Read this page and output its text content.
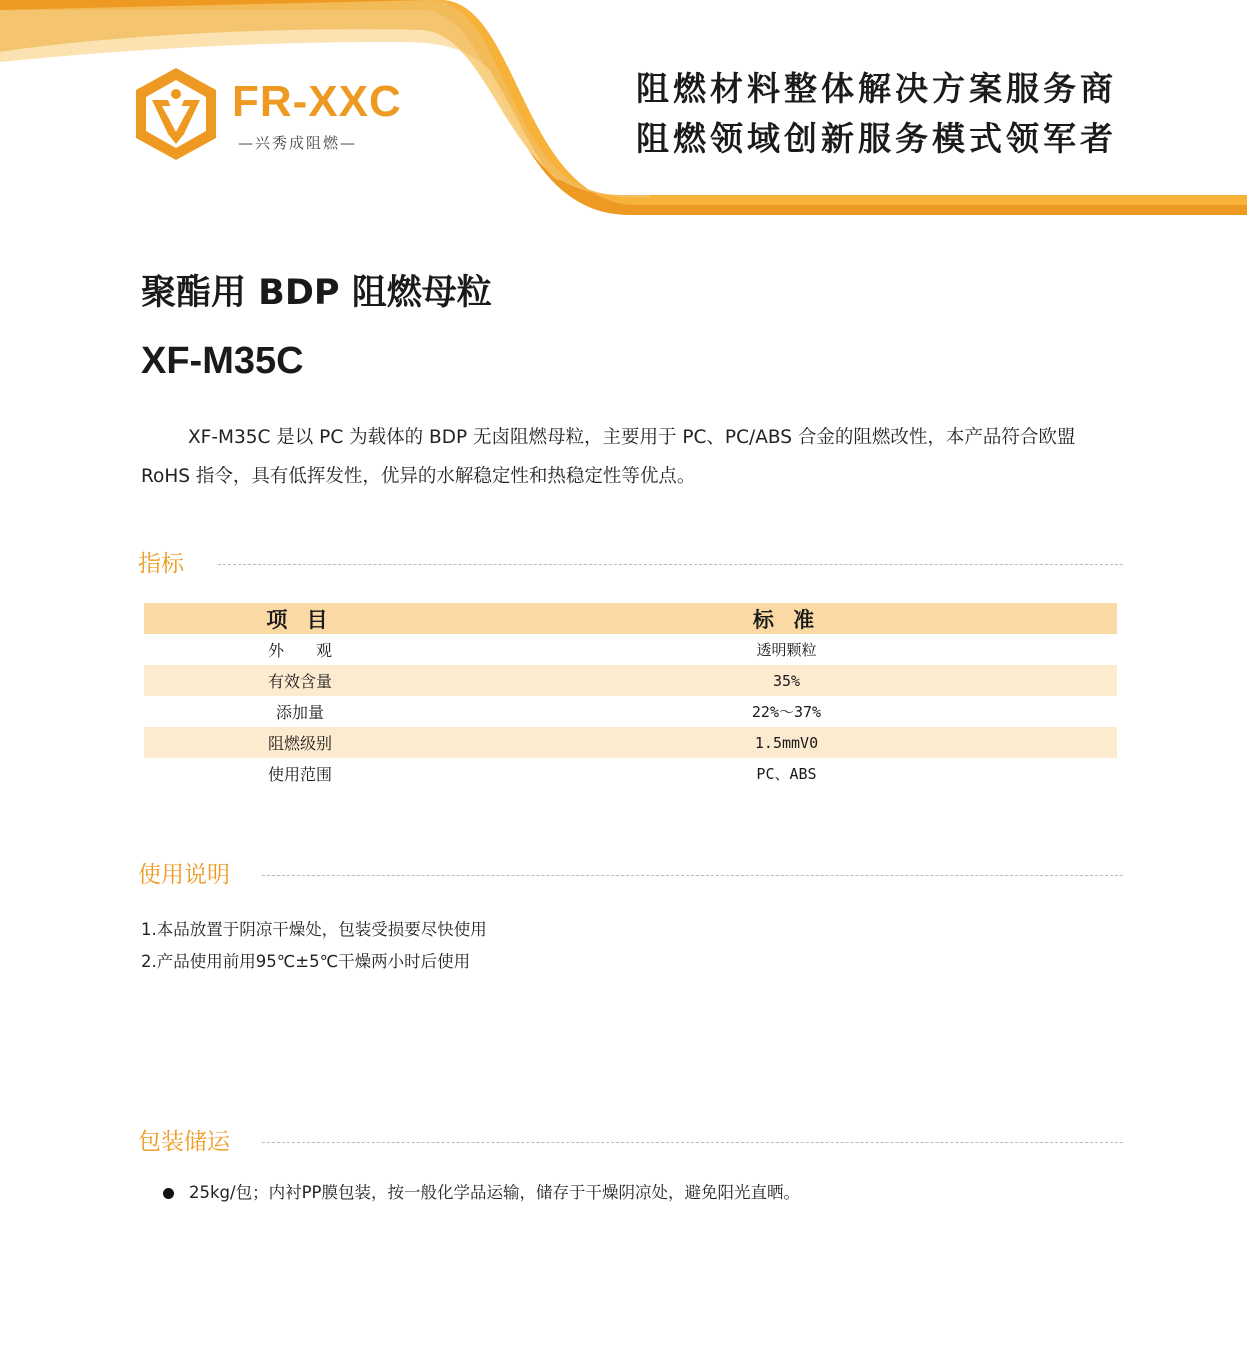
FR-XXC
—兴秀成阻燃—
阻燃材料整体解决方案服务商
阻燃领域创新服务模式领军者
聚酯用 BDP 阻燃母粒
XF-M35C
XF-M35C 是以 PC 为载体的 BDP 无卤阻燃母粒，主要用于 PC、PC/ABS 合金的阻燃改性，本产品符合欧盟 RoHS 指令，具有低挥发性，优异的水解稳定性和热稳定性等优点。
指标
项 目	标 准
外　　观	透明颗粒
有效含量	35%
添加量	22%～37%
阻燃级别	1.5mmV0
使用范围	PC、ABS
使用说明
1.本品放置于阴凉干燥处，包装受损要尽快使用
2.产品使用前用95℃±5℃干燥两小时后使用
包装储运
25kg/包；内衬PP膜包装，按一般化学品运输，储存于干燥阴凉处，避免阳光直晒。
